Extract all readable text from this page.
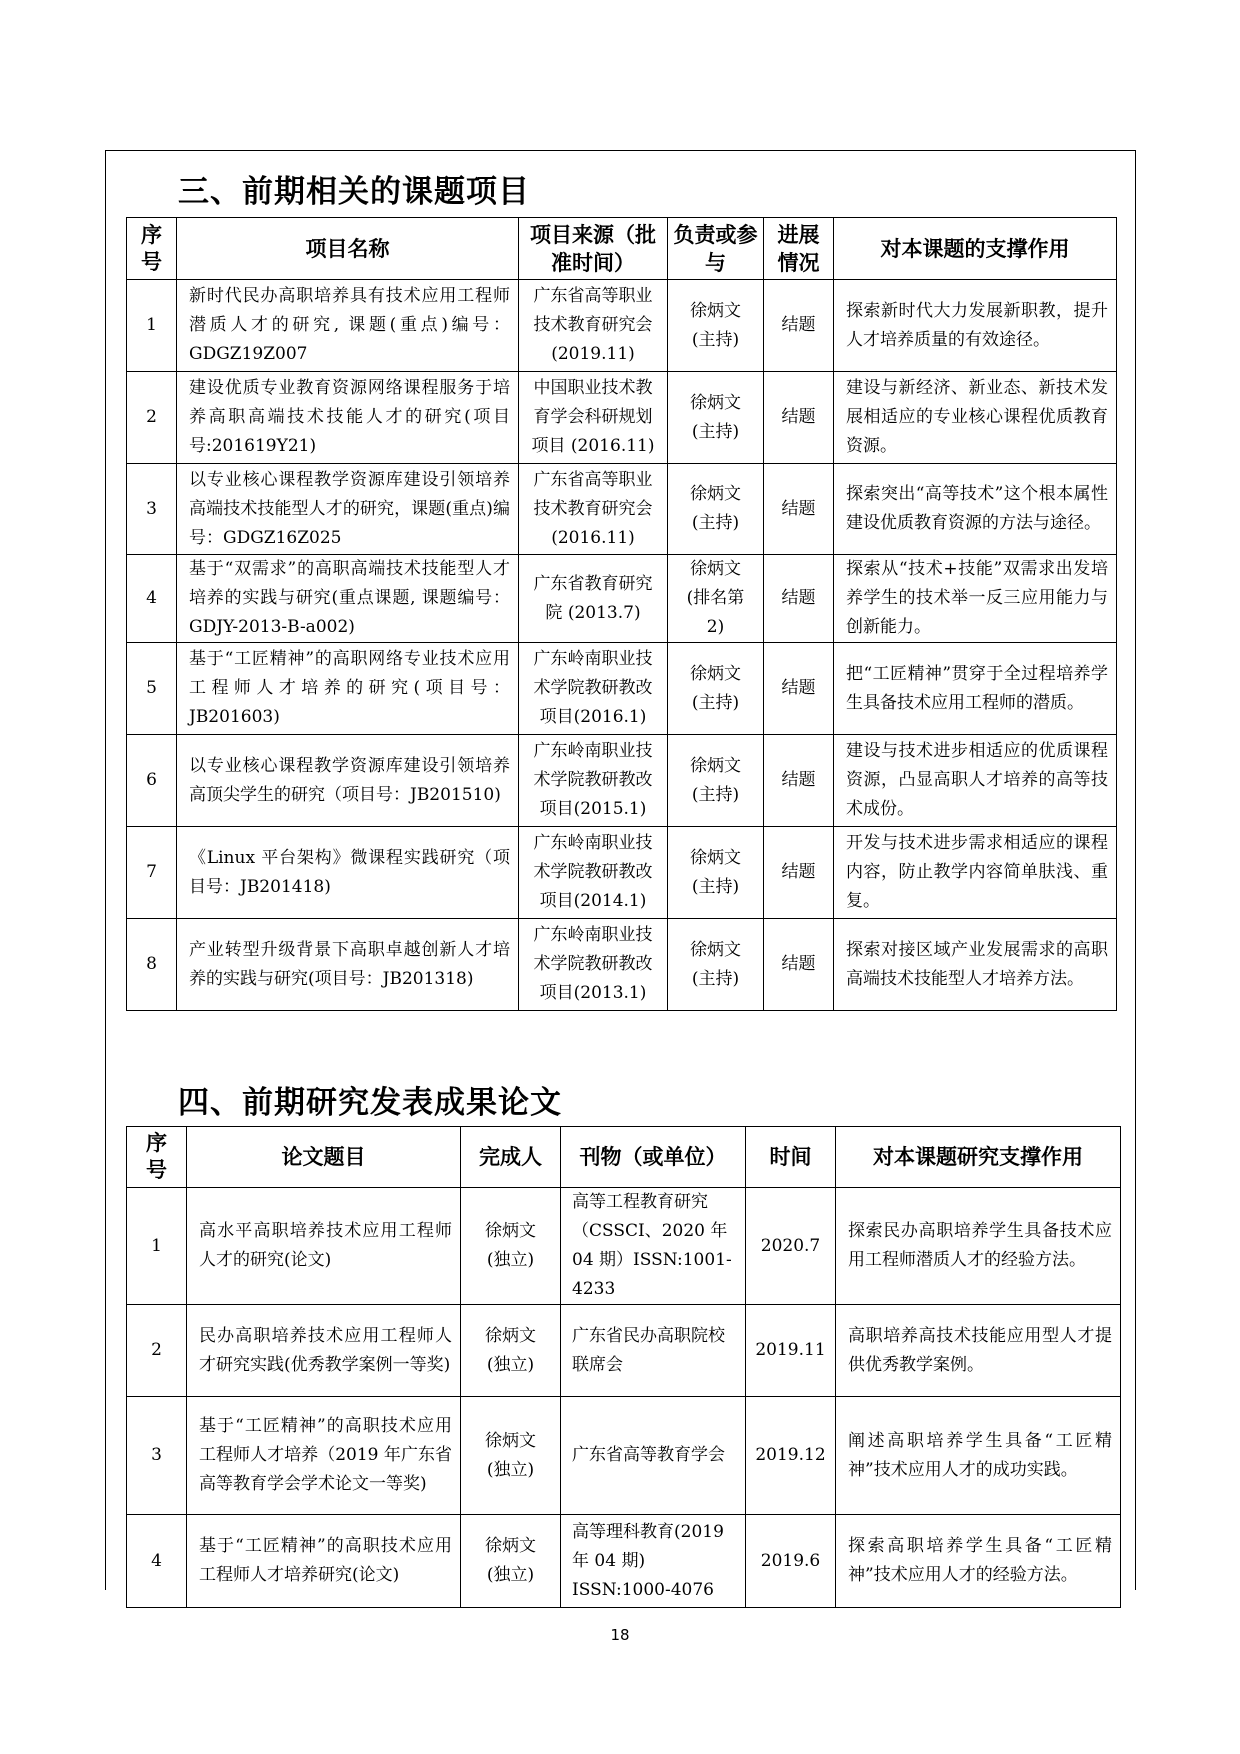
三、前期相关的课题项目
序号	项目名称	项目来源（批准时间）	负责或参与	进展情况	对本课题的支撑作用
1	新时代民办高职培养具有技术应用工程师潜质人才的研究, 课题(重点)编号：GDGZ19Z007	广东省高等职业技术教育研究会(2019.11)	徐炳文(主持)	结题	探索新时代大力发展新职教，提升人才培养质量的有效途径。
2	建设优质专业教育资源网络课程服务于培养高职高端技术技能人才的研究(项目号:201619Y21)	中国职业技术教育学会科研规划项目 (2016.11)	徐炳文(主持)	结题	建设与新经济、新业态、新技术发展相适应的专业核心课程优质教育资源。
3	以专业核心课程教学资源库建设引领培养高端技术技能型人才的研究，课题(重点)编号：GDGZ16Z025	广东省高等职业技术教育研究会(2016.11)	徐炳文(主持)	结题	探索突出“高等技术”这个根本属性建设优质教育资源的方法与途径。
4	基于“双需求”的高职高端技术技能型人才培养的实践与研究(重点课题, 课题编号：GDJY-2013-B-a002)	广东省教育研究院 (2013.7)	徐炳文(排名第2)	结题	探索从“技术+技能”双需求出发培养学生的技术举一反三应用能力与创新能力。
5	基于“工匠精神”的高职网络专业技术应用工程师人才培养的研究(项目号：JB201603)	广东岭南职业技术学院教研教改项目(2016.1)	徐炳文(主持)	结题	把“工匠精神”贯穿于全过程培养学生具备技术应用工程师的潜质。
6	以专业核心课程教学资源库建设引领培养高顶尖学生的研究（项目号：JB201510)	广东岭南职业技术学院教研教改项目(2015.1)	徐炳文(主持)	结题	建设与技术进步相适应的优质课程资源，凸显高职人才培养的高等技术成份。
7	《Linux 平台架构》微课程实践研究（项目号：JB201418)	广东岭南职业技术学院教研教改项目(2014.1)	徐炳文(主持)	结题	开发与技术进步需求相适应的课程内容，防止教学内容简单肤浅、重复。
8	产业转型升级背景下高职卓越创新人才培养的实践与研究(项目号：JB201318)	广东岭南职业技术学院教研教改项目(2013.1)	徐炳文(主持)	结题	探索对接区域产业发展需求的高职高端技术技能型人才培养方法。
四、前期研究发表成果论文
序号	论文题目	完成人	刊物（或单位）	时间	对本课题研究支撑作用

1	高水平高职培养技术应用工程师人才的研究(论文)	徐炳文(独立)	高等工程教育研究（CSSCI、2020 年 04 期）ISSN:1001-4233	2020.7	探索民办高职培养学生具备技术应用工程师潜质人才的经验方法。
2	民办高职培养技术应用工程师人才研究实践(优秀教学案例一等奖)	徐炳文(独立)	广东省民办高职院校联席会	2019.11	高职培养高技术技能应用型人才提供优秀教学案例。
3	基于“工匠精神”的高职技术应用工程师人才培养（2019 年广东省高等教育学会学术论文一等奖)	徐炳文(独立)	广东省高等教育学会	2019.12	阐述高职培养学生具备“工匠精神”技术应用人才的成功实践。
4	基于“工匠精神”的高职技术应用工程师人才培养研究(论文)	徐炳文(独立)	高等理科教育(2019 年 04 期) ISSN:1000-4076	2019.6	探索高职培养学生具备“工匠精神”技术应用人才的经验方法。
18
